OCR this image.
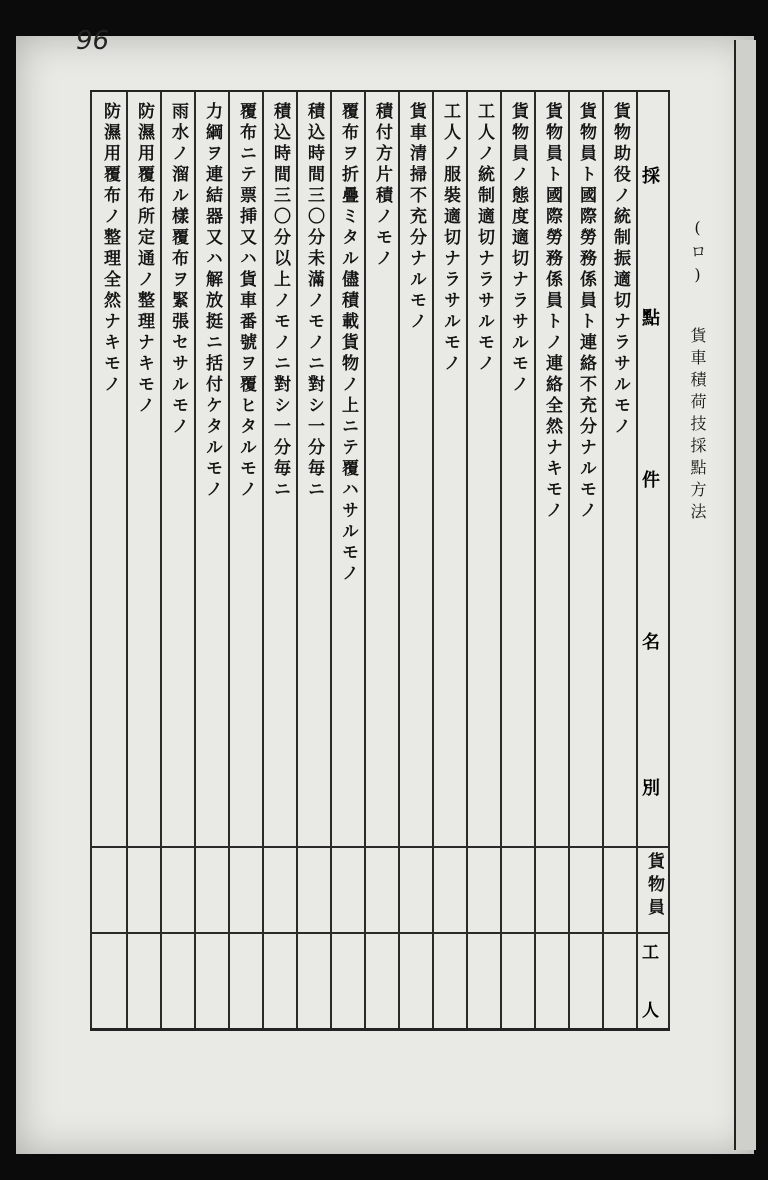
96
(ロ) 貨車積荷技採點方法
採
點
件
名
別
貨物員
工
人
貨物助役ノ統制振適切ナラサルモノ
貨物員ト國際勞務係員ト連絡不充分ナルモノ
貨物員ト國際勞務係員トノ連絡全然ナキモノ
貨物員ノ態度適切ナラサルモノ
工人ノ統制適切ナラサルモノ
工人ノ服裝適切ナラサルモノ
貨車清掃不充分ナルモノ
積付方片積ノモノ
覆布ヲ折疊ミタル儘積載貨物ノ上ニテ覆ハサルモノ
積込時間三〇分未滿ノモノニ對シ一分毎ニ
積込時間三〇分以上ノモノニ對シ一分毎ニ
覆布ニテ票挿又ハ貨車番號ヲ覆ヒタルモノ
力綱ヲ連結器又ハ解放挺ニ括付ケタルモノ
雨水ノ溜ル樣覆布ヲ緊張セサルモノ
防濕用覆布所定通ノ整理ナキモノ
防濕用覆布ノ整理全然ナキモノ
